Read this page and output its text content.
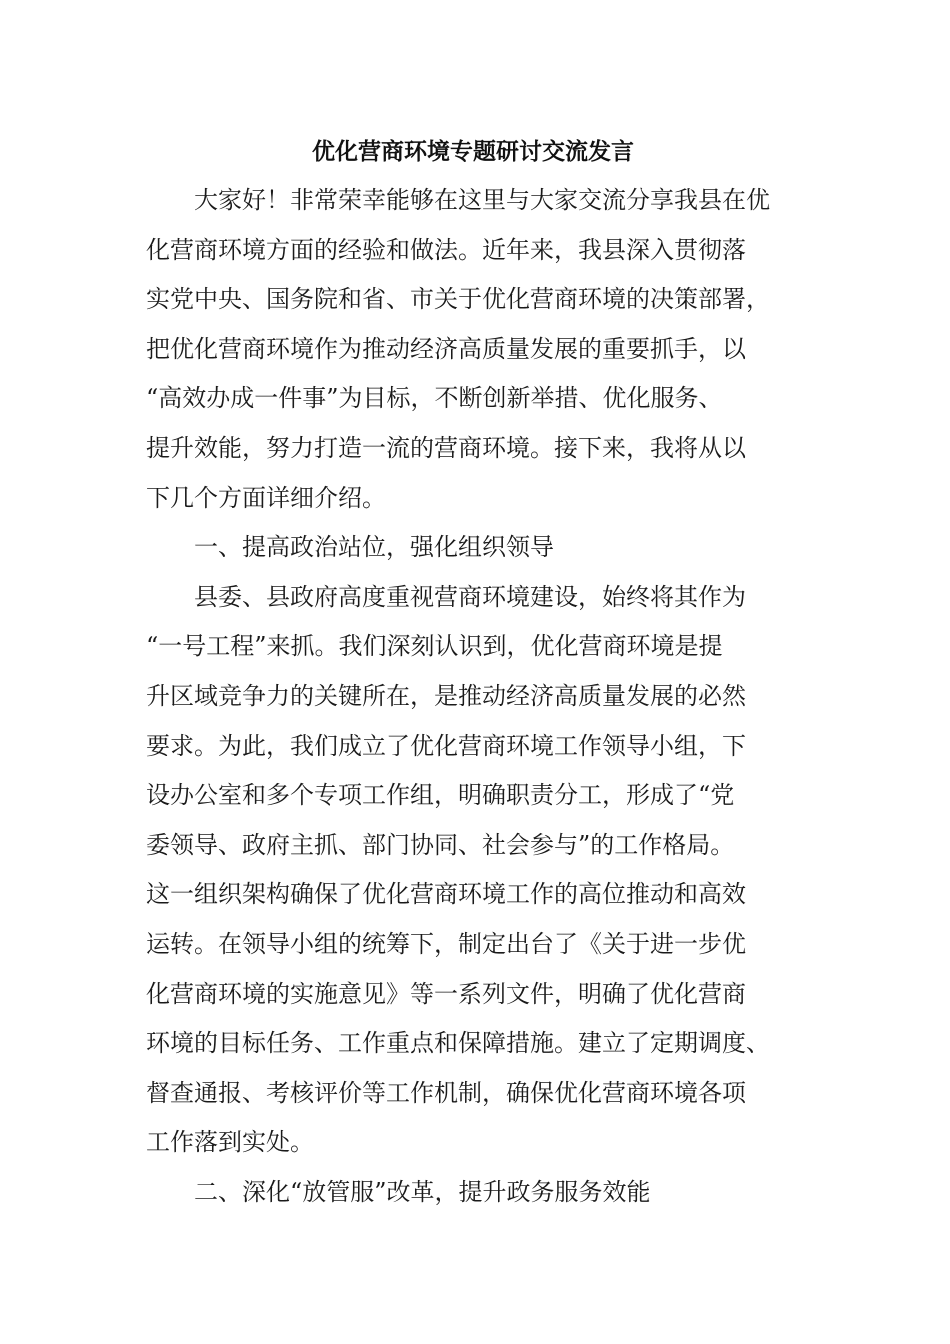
优化营商环境专题研讨交流发言

大家好！非常荣幸能够在这里与大家交流分享我县在优
化营商环境方面的经验和做法。近年来，我县深入贯彻落
实党中央、国务院和省、市关于优化营商环境的决策部署，
把优化营商环境作为推动经济高质量发展的重要抓手，以
“高效办成一件事”为目标，不断创新举措、优化服务、
提升效能，努力打造一流的营商环境。接下来，我将从以
下几个方面详细介绍。

一、提高政治站位，强化组织领导

县委、县政府高度重视营商环境建设，始终将其作为
“一号工程”来抓。我们深刻认识到，优化营商环境是提
升区域竞争力的关键所在，是推动经济高质量发展的必然
要求。为此，我们成立了优化营商环境工作领导小组，下
设办公室和多个专项工作组，明确职责分工，形成了“党
委领导、政府主抓、部门协同、社会参与”的工作格局。
这一组织架构确保了优化营商环境工作的高位推动和高效
运转。在领导小组的统筹下，制定出台了《关于进一步优
化营商环境的实施意见》等一系列文件，明确了优化营商
环境的目标任务、工作重点和保障措施。建立了定期调度、
督查通报、考核评价等工作机制，确保优化营商环境各项
工作落到实处。

二、深化“放管服”改革，提升政务服务效能
